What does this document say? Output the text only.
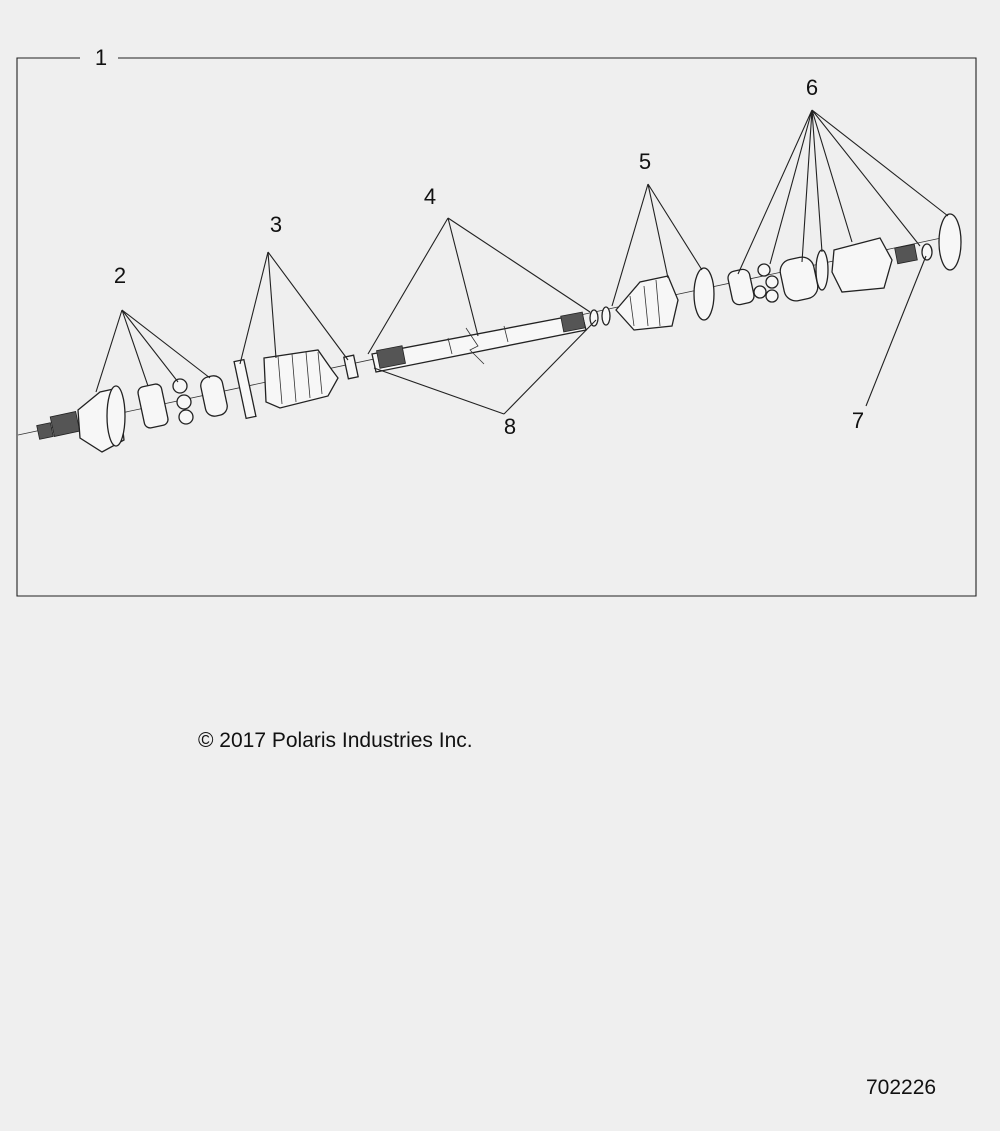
1
2
3
4
5
6
7
8
© 2017 Polaris Industries Inc.
702226
